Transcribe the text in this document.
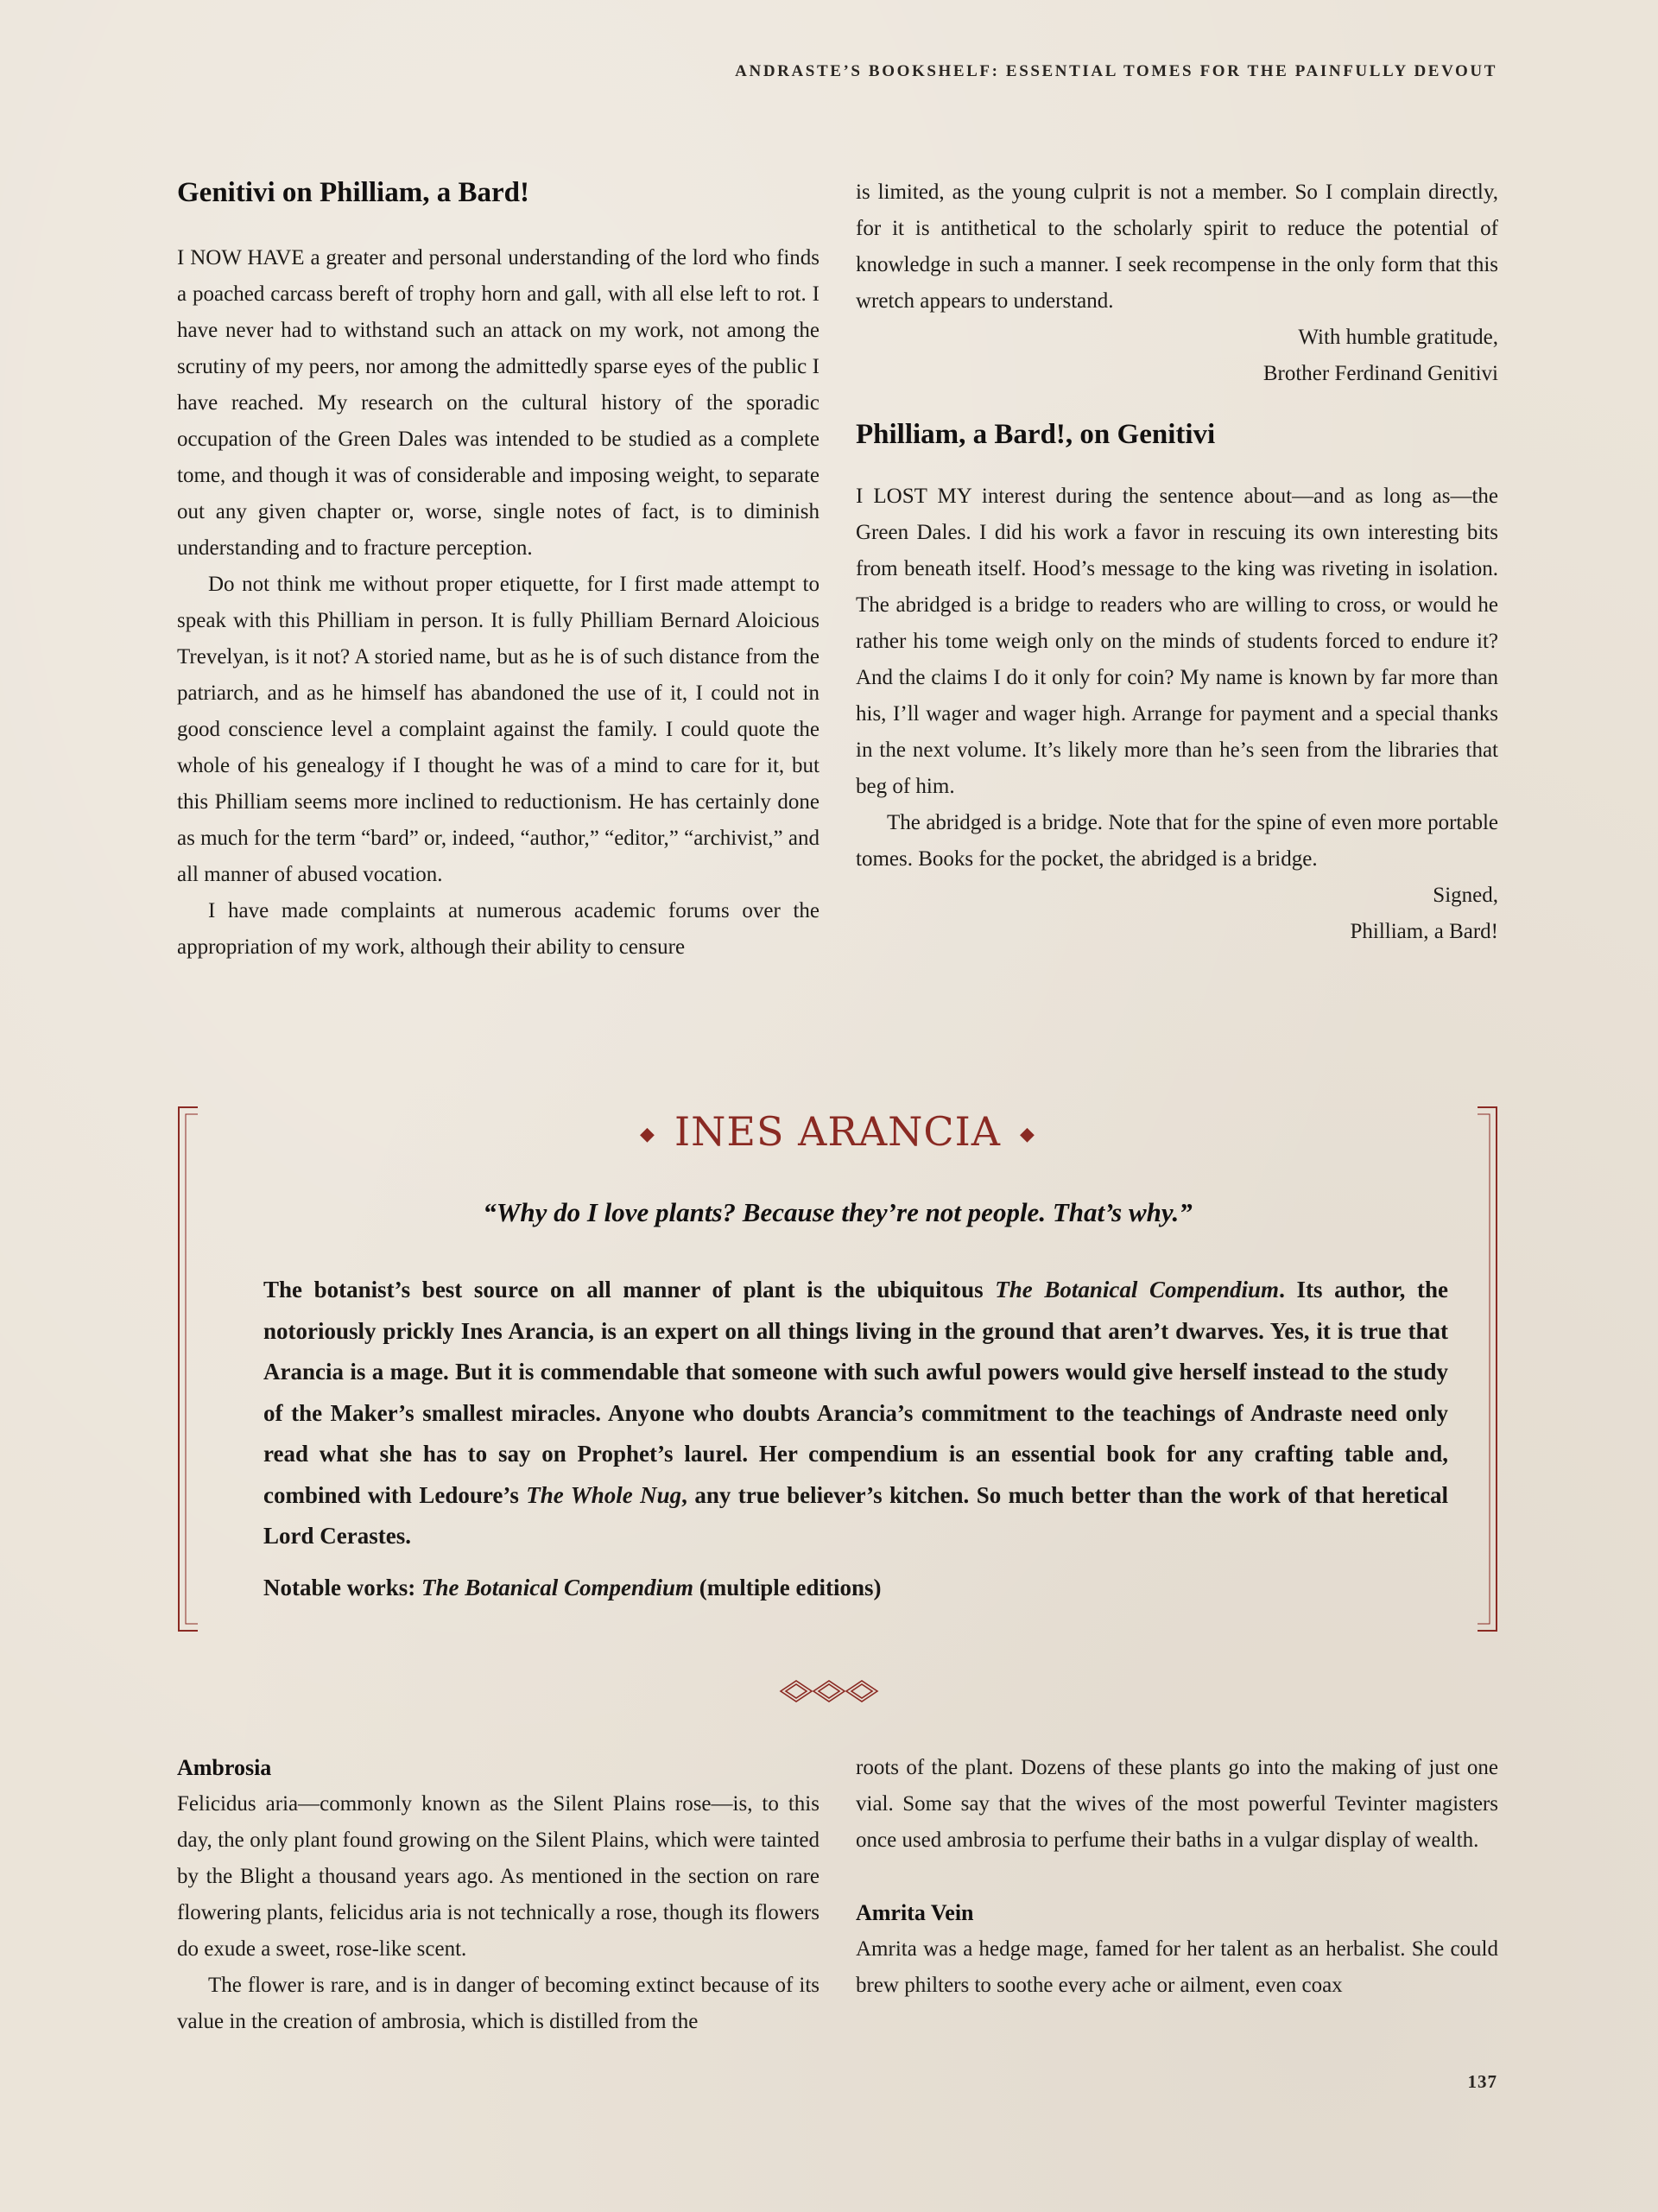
ANDRASTE’S BOOKSHELF: ESSENTIAL TOMES FOR THE PAINFULLY DEVOUT
Genitivi on Philliam, a Bard!

I NOW HAVE a greater and personal understanding of the lord who finds a poached carcass bereft of trophy horn and gall, with all else left to rot. I have never had to withstand such an attack on my work, not among the scrutiny of my peers, nor among the admittedly sparse eyes of the public I have reached. My research on the cultural history of the sporadic occupation of the Green Dales was intended to be studied as a complete tome, and though it was of considerable and imposing weight, to separate out any given chapter or, worse, single notes of fact, is to diminish understanding and to fracture perception.

Do not think me without proper etiquette, for I first made attempt to speak with this Philliam in person. It is fully Philliam Bernard Aloicious Trevelyan, is it not? A storied name, but as he is of such distance from the patriarch, and as he himself has abandoned the use of it, I could not in good conscience level a complaint against the family. I could quote the whole of his genealogy if I thought he was of a mind to care for it, but this Philliam seems more inclined to reductionism. He has certainly done as much for the term “bard” or, indeed, “author,” “editor,” “archivist,” and all manner of abused vocation.

I have made complaints at numerous academic forums over the appropriation of my work, although their ability to censure

is limited, as the young culprit is not a member. So I complain directly, for it is antithetical to the scholarly spirit to reduce the potential of knowledge in such a manner. I seek recompense in the only form that this wretch appears to understand.

With humble gratitude,

Brother Ferdinand Genitivi

Philliam, a Bard!, on Genitivi

I LOST MY interest during the sentence about—and as long as—the Green Dales. I did his work a favor in rescuing its own interesting bits from beneath itself. Hood’s message to the king was riveting in isolation. The abridged is a bridge to readers who are willing to cross, or would he rather his tome weigh only on the minds of students forced to endure it? And the claims I do it only for coin? My name is known by far more than his, I’ll wager and wager high. Arrange for payment and a special thanks in the next volume. It’s likely more than he’s seen from the libraries that beg of him.

The abridged is a bridge. Note that for the spine of even more portable tomes. Books for the pocket, the abridged is a bridge.

Signed,

Philliam, a Bard!

◆ INES ARANCIA ◆
“Why do I love plants? Because they’re not people. That’s why.”
The botanist’s best source on all manner of plant is the ubiquitous The Botanical Compendium. Its author, the notoriously prickly Ines Arancia, is an expert on all things living in the ground that aren’t dwarves. Yes, it is true that Arancia is a mage. But it is commendable that someone with such awful powers would give herself instead to the study of the Maker’s smallest miracles. Anyone who doubts Arancia’s commitment to the teachings of Andraste need only read what she has to say on Prophet’s laurel. Her compendium is an essential book for any crafting table and, combined with Ledoure’s The Whole Nug, any true believer’s kitchen. So much better than the work of that heretical Lord Cerastes.
Notable works: The Botanical Compendium (multiple editions)
Ambrosia

Felicidus aria—commonly known as the Silent Plains rose—is, to this day, the only plant found growing on the Silent Plains, which were tainted by the Blight a thousand years ago. As mentioned in the section on rare flowering plants, felicidus aria is not technically a rose, though its flowers do exude a sweet, rose-like scent.

The flower is rare, and is in danger of becoming extinct because of its value in the creation of ambrosia, which is distilled from the

roots of the plant. Dozens of these plants go into the making of just one vial. Some say that the wives of the most powerful Tevinter magisters once used ambrosia to perfume their baths in a vulgar display of wealth.

Amrita Vein

Amrita was a hedge mage, famed for her talent as an herbalist. She could brew philters to soothe every ache or ailment, even coax

137
